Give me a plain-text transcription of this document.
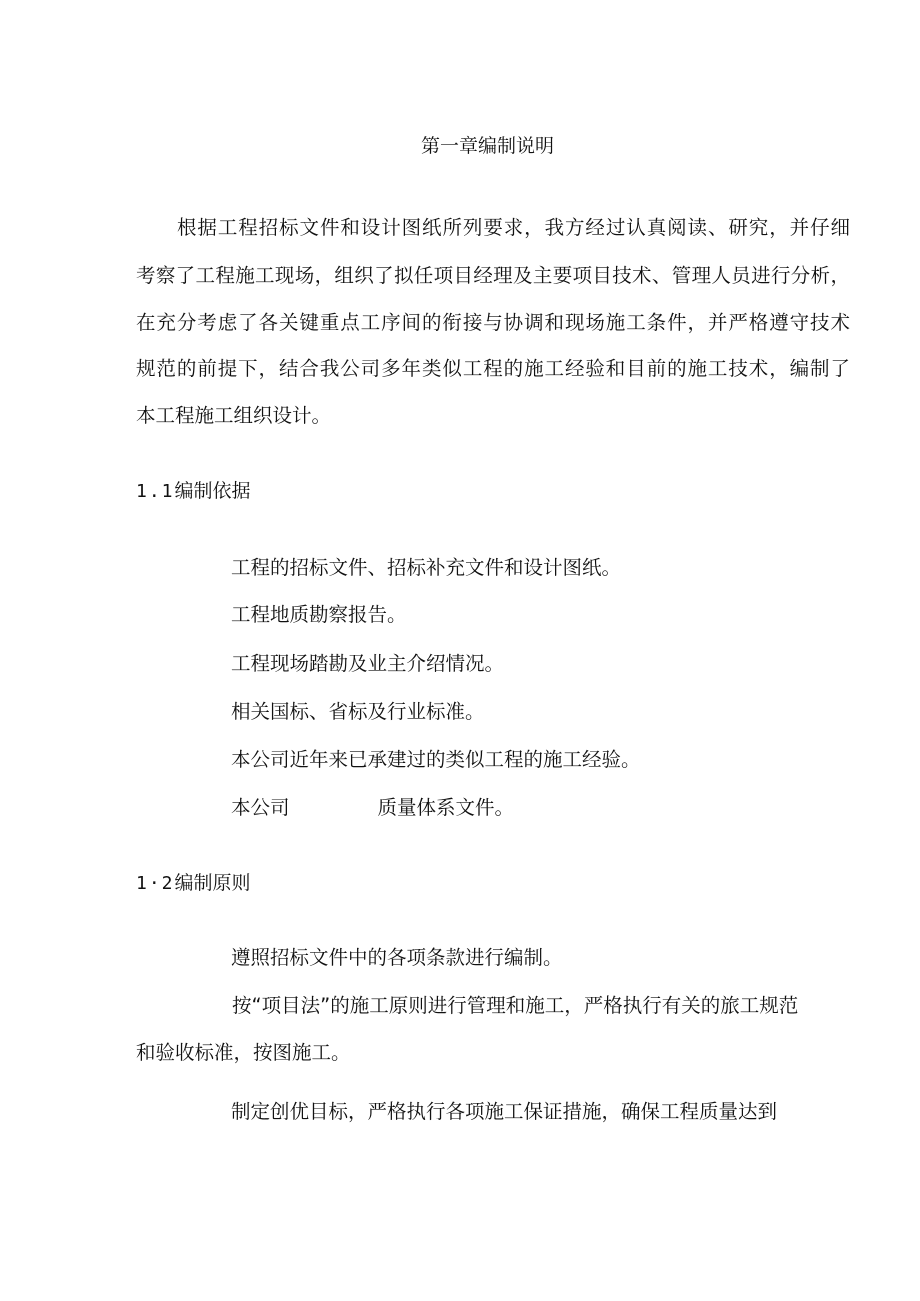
第一章编制说明
根据工程招标文件和设计图纸所列要求，我方经过认真阅读、研究，并仔细
考察了工程施工现场，组织了拟任项目经理及主要项目技术、管理人员进行分析，
在充分考虑了各关键重点工序间的衔接与协调和现场施工条件，并严格遵守技术
规范的前提下，结合我公司多年类似工程的施工经验和目前的施工技术，编制了
本工程施工组织设计。
1.1编制依据
工程的招标文件、招标补充文件和设计图纸。
工程地质勘察报告。
工程现场踏勘及业主介绍情况。
相关国标、省标及行业标准。
本公司近年来已承建过的类似工程的施工经验。
本公司	质量体系文件。
1·2编制原则
遵照招标文件中的各项条款进行编制。
按“项目法”的施工原则进行管理和施工，严格执行有关的旅工规范
和验收标准，按图施工。
制定创优目标，严格执行各项施工保证措施，确保工程质量达到
